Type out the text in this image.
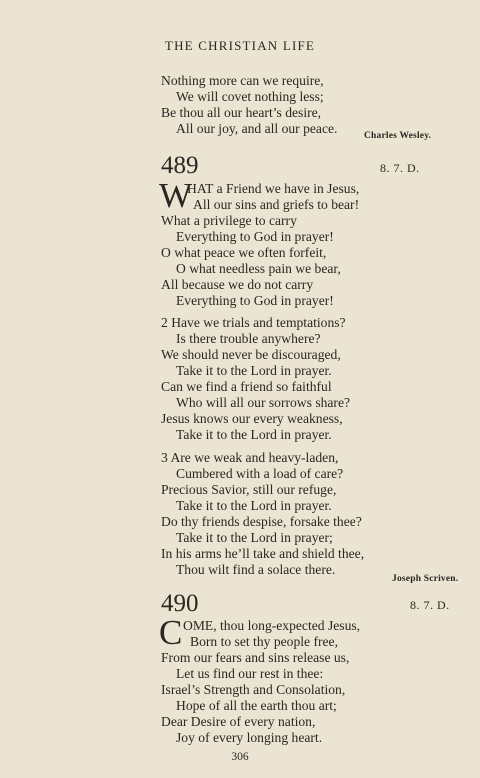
THE CHRISTIAN LIFE
Nothing more can we require,
We will covet nothing less;
Be thou all our heart’s desire,
All our joy, and all our peace.	Charles Wesley.
489	8. 7. D.
W
HAT a Friend we have in Jesus,
All our sins and griefs to bear!
What a privilege to carry
Everything to God in prayer!
O what peace we often forfeit,
O what needless pain we bear,
All because we do not carry
Everything to God in prayer!
2 Have we trials and temptations?
Is there trouble anywhere?
We should never be discouraged,
Take it to the Lord in prayer.
Can we find a friend so faithful
Who will all our sorrows share?
Jesus knows our every weakness,
Take it to the Lord in prayer.
3 Are we weak and heavy-laden,
Cumbered with a load of care?
Precious Savior, still our refuge,
Take it to the Lord in prayer.
Do thy friends despise, forsake thee?
Take it to the Lord in prayer;
In his arms he’ll take and shield thee,
Thou wilt find a solace there.
Joseph Scriven.
490	8. 7. D.
C OME, thou long-expected Jesus,
Born to set thy people free,
From our fears and sins release us,
Let us find our rest in thee:
Israel’s Strength and Consolation,
Hope of all the earth thou art;
Dear Desire of every nation,
Joy of every longing heart.
306
